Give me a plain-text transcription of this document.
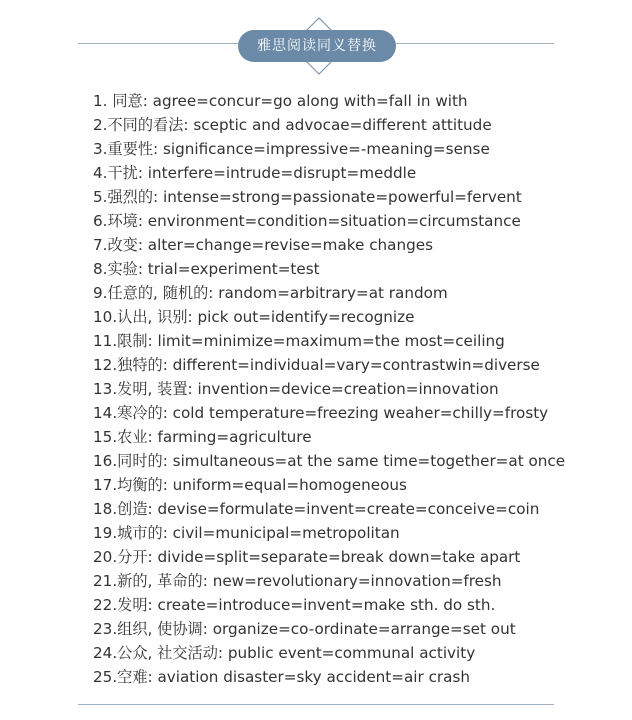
雅思阅读同义替换
1. 同意: agree=concur=go along with=fall in with
2.不同的看法: sceptic and advocae=different attitude
3.重要性: significance=impressive=-meaning=sense
4.干扰: interfere=intrude=disrupt=meddle
5.强烈的: intense=strong=passionate=powerful=fervent
6.环境: environment=condition=situation=circumstance
7.改变: alter=change=revise=make changes
8.实验: trial=experiment=test
9.任意的, 随机的: random=arbitrary=at random
10.认出, 识别: pick out=identify=recognize
11.限制: limit=minimize=maximum=the most=ceiling
12.独特的: different=individual=vary=contrastwin=diverse
13.发明, 装置: invention=device=creation=innovation
14.寒冷的: cold temperature=freezing weaher=chilly=frosty
15.农业: farming=agriculture
16.同时的: simultaneous=at the same time=together=at once
17.均衡的: uniform=equal=homogeneous
18.创造: devise=formulate=invent=create=conceive=coin
19.城市的: civil=municipal=metropolitan
20.分开: divide=split=separate=break down=take apart
21.新的, 革命的: new=revolutionary=innovation=fresh
22.发明: create=introduce=invent=make sth. do sth.
23.组织, 使协调: organize=co-ordinate=arrange=set out
24.公众, 社交活动: public event=communal activity
25.空难: aviation disaster=sky accident=air crash
